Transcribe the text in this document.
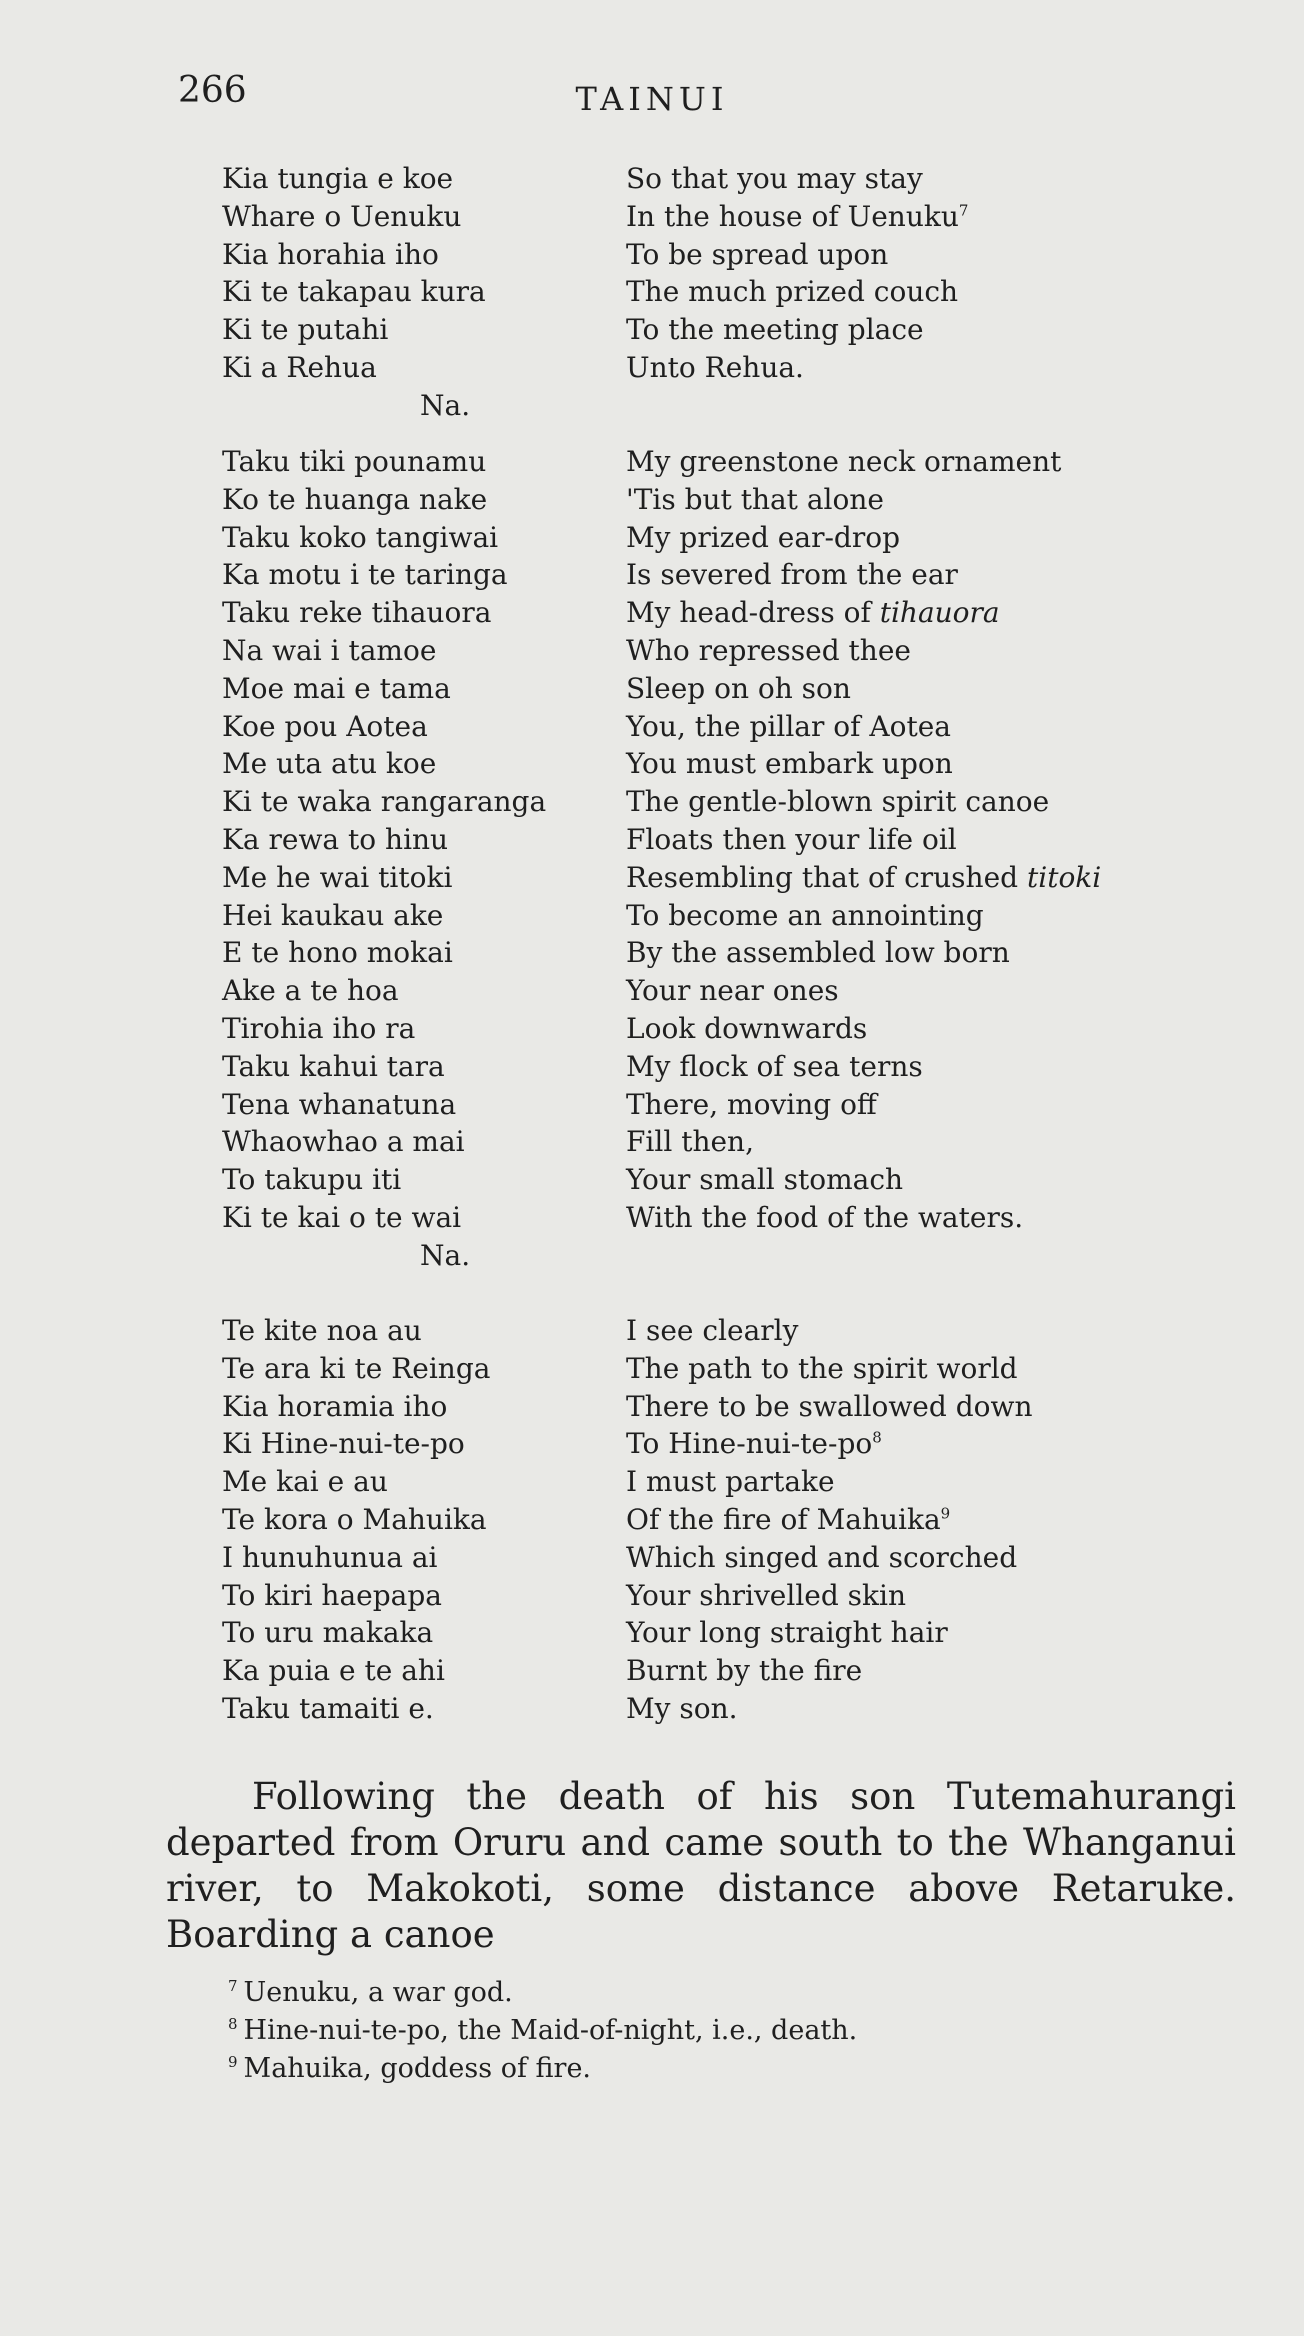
266	TAINUI
Kia tungia e koe	So that you may stay
Whare o Uenuku	In the house of Uenuku$^7$
Kia horahia iho	To be spread upon
Ki te takapau kura	The much prized couch
Ki te putahi	To the meeting place
Ki a Rehua	Unto Rehua.
Na.
Taku tiki pounamu	My greenstone neck ornament
Ko te huanga nake	'Tis but that alone
Taku koko tangiwai	My prized ear-drop
Ka motu i te taringa	Is severed from the ear
Taku reke tihauora	My head-dress of tihauora
Na wai i tamoe	Who repressed thee
Moe mai e tama	Sleep on oh son
Koe pou Aotea	You, the pillar of Aotea
Me uta atu koe	You must embark upon
Ki te waka rangaranga	The gentle-blown spirit canoe
Ka rewa to hinu	Floats then your life oil
Me he wai titoki	Resembling that of crushed titoki
Hei kaukau ake	To become an annointing
E te hono mokai	By the assembled low born
Ake a te hoa	Your near ones
Tirohia iho ra	Look downwards
Taku kahui tara	My flock of sea terns
Tena whanatuna	There, moving off
Whaowhao a mai	Fill then,
To takupu iti	Your small stomach
Ki te kai o te wai	With the food of the waters.
Na.
Te kite noa au	I see clearly
Te ara ki te Reinga	The path to the spirit world
Kia horamia iho	There to be swallowed down
Ki Hine-nui-te-po	To Hine-$nui-te-po^8$
Me kai e au	I must partake
Te kora o Mahuika	Of the fire of Mahuika$^9$
I hunuhunua ai	Which singed and scorched
To kiri haepapa	Your shrivelled skin
To uru makaka	Your long straight hair
Ka puia e te ahi	Burnt by the fire
Taku tamaiti e.	My son.

Following the death of his son Tutemahurangi departed from Oruru and came south to the Whanganui river, to Makokoti, some distance above Retaruke. Boarding a canoe

$^7$ Uenuku, a war god.
$^8$ Hine-nui-te-po, the Maid-of-night, i.e., death.
$^9$ Mahuika, goddess of fire.
